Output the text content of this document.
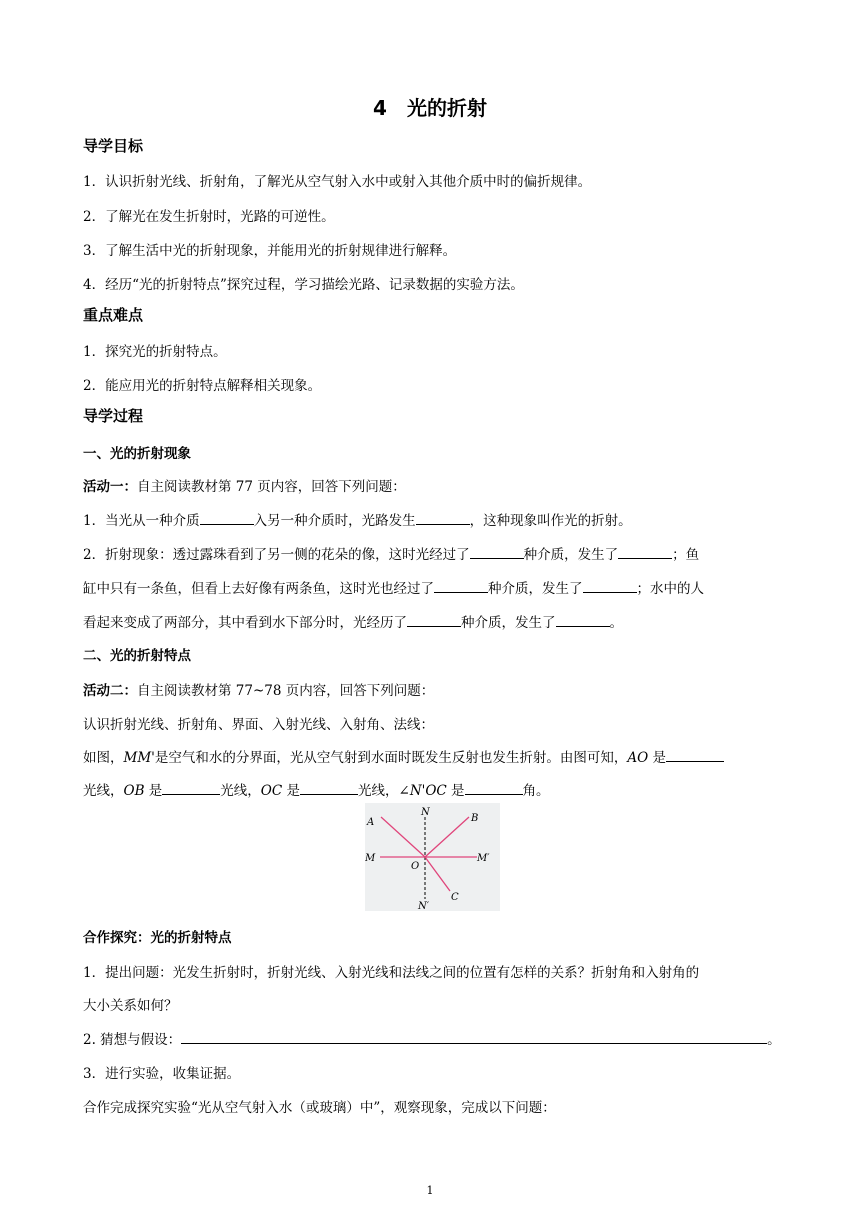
4　光的折射
导学目标
1．认识折射光线、折射角，了解光从空气射入水中或射入其他介质中时的偏折规律。
2．了解光在发生折射时，光路的可逆性。
3．了解生活中光的折射现象，并能用光的折射规律进行解释。
4．经历“光的折射特点”探究过程，学习描绘光路、记录数据的实验方法。
重点难点
1．探究光的折射特点。
2．能应用光的折射特点解释相关现象。
导学过程
一、光的折射现象
活动一：自主阅读教材第 77 页内容，回答下列问题：
1．当光从一种介质	入另一种介质时，光路发生	，这种现象叫作光的折射。
2．折射现象：透过露珠看到了另一侧的花朵的像，这时光经过了	种介质，发生了	；鱼
缸中只有一条鱼，但看上去好像有两条鱼，这时光也经过了	种介质，发生了	；水中的人
看起来变成了两部分，其中看到水下部分时，光经历了	种介质，发生了	。
二、光的折射特点
活动二：自主阅读教材第 77~78 页内容，回答下列问题：
认识折射光线、折射角、界面、入射光线、入射角、法线：
如图，MM'是空气和水的分界面，光从空气射到水面时既发生反射也发生折射。由图可知，AO 是
光线，OB 是	光线，OC 是	光线，∠N'OC 是	角。
A	B
C
N
N′
M	M′
O
合作探究：光的折射特点
1．提出问题：光发生折射时，折射光线、入射光线和法线之间的位置有怎样的关系？折射角和入射角的
大小关系如何？
2. 猜想与假设：	。
3．进行实验，收集证据。
合作完成探究实验“光从空气射入水（或玻璃）中”，观察现象，完成以下问题：
1
